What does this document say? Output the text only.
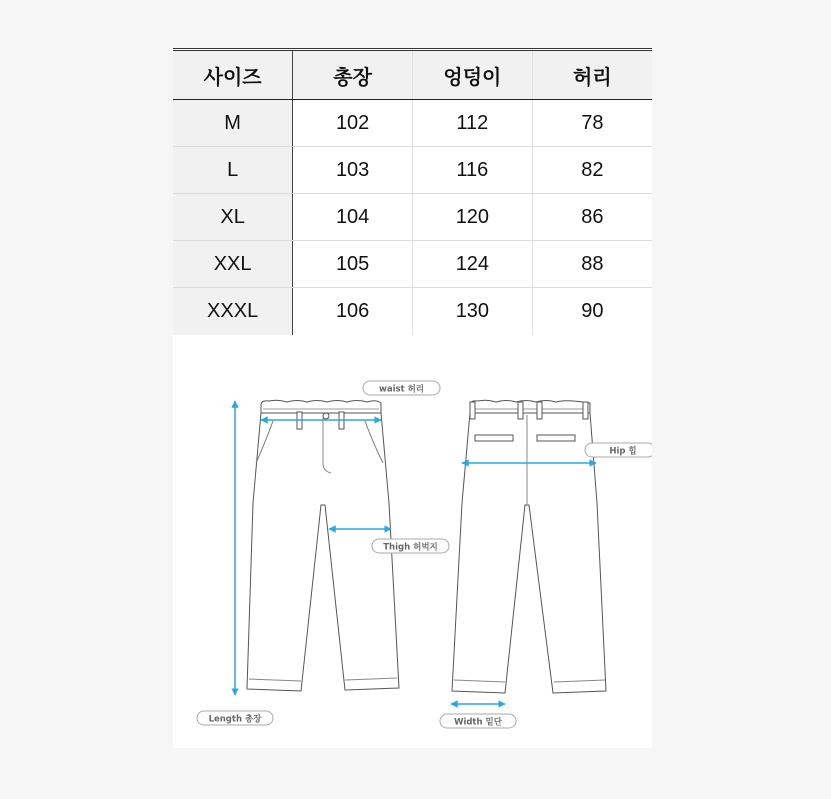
사이즈	총장	엉덩이	허리
M	102	112	78
L	103	116	82
XL	104	120	86
XXL	105	124	88
XXXL	106	130	90
waist 허리
Hip 힙
Thigh 허벅지
Length 총장	Width 밑단
